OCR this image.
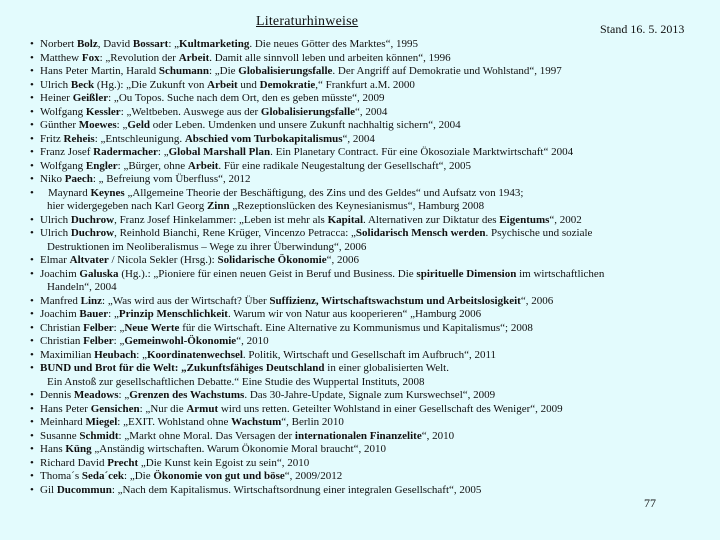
Literaturhinweise	Stand 16. 5. 2013
• Norbert Bolz, David Bossart: „Kultmarketing. Die neues Götter des Marktes“, 1995
• Matthew Fox: „Revolution der Arbeit. Damit alle sinnvoll leben und arbeiten können“, 1996
• Hans Peter Martin, Harald Schumann: „Die Globalisierungsfalle. Der Angriff auf Demokratie und Wohlstand“, 1997
• Ulrich Beck (Hg.): „Die Zukunft von Arbeit und Demokratie,“ Frankfurt a.M. 2000
• Heiner Geißler: „Ou Topos. Suche nach dem Ort, den es geben müsste“, 2009
• Wolfgang Kessler: „Weltbeben. Auswege aus der Globalisierungsfalle“, 2004
• Günther Moewes: „Geld oder Leben. Umdenken und unsere Zukunft nachhaltig sichern“, 2004
• Fritz Reheis: „Entschleunigung. Abschied vom Turbokapitalismus“, 2004
• Franz Josef Radermacher: „Global Marshall Plan. Ein Planetary Contract. Für eine Ökosoziale Marktwirtschaft“ 2004
• Wolfgang Engler: „Bürger, ohne Arbeit. Für eine radikale Neugestaltung der Gesellschaft“, 2005
• Niko Paech: „ Befreiung vom Überfluss“, 2012
• Maynard Keynes „Allgemeine Theorie der Beschäftigung, des Zins und des Geldes“ und Aufsatz von 1943;
hier widergegeben nach Karl Georg Zinn „Rezeptionslücken des Keynesianismus“, Hamburg 2008
• Ulrich Duchrow, Franz Josef Hinkelammer: „Leben ist mehr als Kapital. Alternativen zur Diktatur des Eigentums“, 2002
• Ulrich Duchrow, Reinhold Bianchi, Rene Krüger, Vincenzo Petracca: „Solidarisch Mensch werden. Psychische und soziale
Destruktionen im Neoliberalismus – Wege zu ihrer Überwindung“, 2006
• Elmar Altvater / Nicola Sekler (Hrsg.): Solidarische Ökonomie“, 2006
• Joachim Galuska (Hg.).: „Pioniere für einen neuen Geist in Beruf und Business. Die spirituelle Dimension im wirtschaftlichen
Handeln“, 2004
• Manfred Linz: „Was wird aus der Wirtschaft? Über Suffizienz, Wirtschaftswachstum und Arbeitslosigkeit“, 2006
• Joachim Bauer: „Prinzip Menschlichkeit. Warum wir von Natur aus kooperieren“ „Hamburg 2006
• Christian Felber: „Neue Werte für die Wirtschaft. Eine Alternative zu Kommunismus und Kapitalismus“; 2008
• Christian Felber: „Gemeinwohl-Ökonomie“, 2010
• Maximilian Heubach: „Koordinatenwechsel. Politik, Wirtschaft und Gesellschaft im Aufbruch“, 2011
• BUND und Brot für die Welt: „Zukunftsfähiges Deutschland in einer globalisierten Welt.
Ein Anstoß zur gesellschaftlichen Debatte.“ Eine Studie des Wuppertal Instituts, 2008
• Dennis Meadows: „Grenzen des Wachstums. Das 30-Jahre-Update, Signale zum Kurswechsel“, 2009
• Hans Peter Gensichen: „Nur die Armut wird uns retten. Geteilter Wohlstand in einer Gesellschaft des Weniger“, 2009
• Meinhard Miegel: „EXIT. Wohlstand ohne Wachstum“, Berlin 2010
• Susanne Schmidt: „Markt ohne Moral. Das Versagen der internationalen Finanzelite“, 2010
• Hans Küng „Anständig wirtschaften. Warum Ökonomie Moral braucht“, 2010
• Richard David Precht „Die Kunst kein Egoist zu sein“, 2010
• Thoma´s Seda´cek: „Die Ökonomie von gut und böse“, 2009/2012
• Gil Ducommun: „Nach dem Kapitalismus. Wirtschaftsordnung einer integralen Gesellschaft“, 2005
77
